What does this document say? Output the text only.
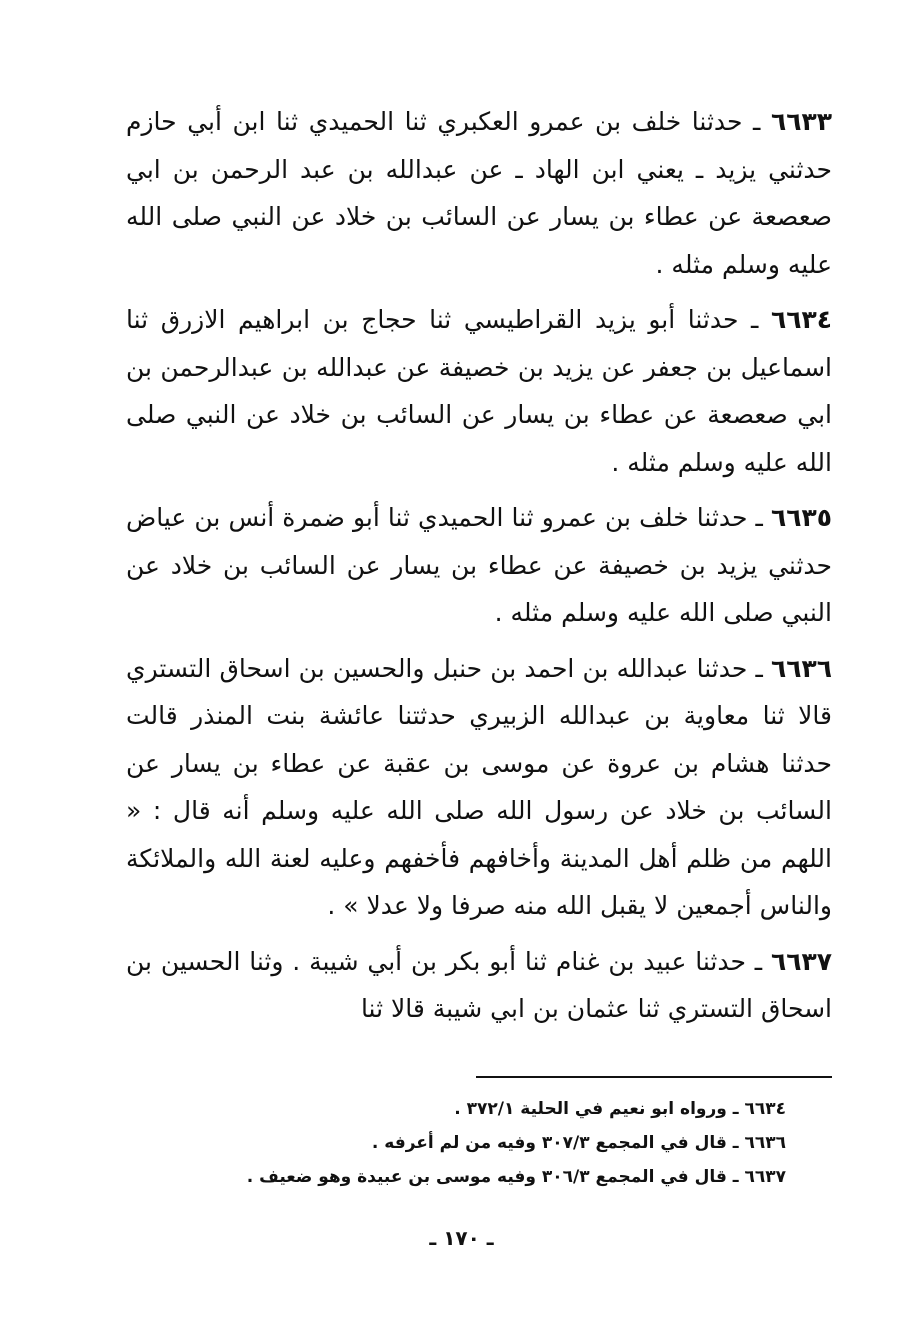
٦٦٣٣ ـ حدثنا خلف بن عمرو العكبري ثنا الحميدي ثنا ابن أبي حازم حدثني يزيد ـ يعني ابن الهاد ـ عن عبدالله بن عبد الرحمن بن ابي صعصعة عن عطاء بن يسار عن السائب بن خلاد عن النبي صلى الله عليه وسلم مثله .

٦٦٣٤ ـ حدثنا أبو يزيد القراطيسي ثنا حجاج بن ابراهيم الازرق ثنا اسماعيل بن جعفر عن يزيد بن خصيفة عن عبدالله بن عبدالرحمن بن ابي صعصعة عن عطاء بن يسار عن السائب بن خلاد عن النبي صلى الله عليه وسلم مثله .

٦٦٣٥ ـ حدثنا خلف بن عمرو ثنا الحميدي ثنا أبو ضمرة أنس بن عياض حدثني يزيد بن خصيفة عن عطاء بن يسار عن السائب بن خلاد عن النبي صلى الله عليه وسلم مثله .

٦٦٣٦ ـ حدثنا عبدالله بن احمد بن حنبل والحسين بن اسحاق التستري قالا ثنا معاوية بن عبدالله الزبيري حدثتنا عائشة بنت المنذر قالت حدثنا هشام بن عروة عن موسى بن عقبة عن عطاء بن يسار عن السائب بن خلاد عن رسول الله صلى الله عليه وسلم أنه قال : « اللهم من ظلم أهل المدينة وأخافهم فأخفهم وعليه لعنة الله والملائكة والناس أجمعين لا يقبل الله منه صرفا ولا عدلا » .

٦٦٣٧ ـ حدثنا عبيد بن غنام ثنا أبو بكر بن أبي شيبة . وثنا الحسين بن اسحاق التستري ثنا عثمان بن ابي شيبة قالا ثنا

٦٦٣٤ ـ ورواه ابو نعيم في الحلية ٣٧٢/١ .

٦٦٣٦ ـ قال في المجمع ٣٠٧/٣ وفيه من لم أعرفه .

٦٦٣٧ ـ قال في المجمع ٣٠٦/٣ وفيه موسى بن عبيدة وهو ضعيف .

ـ ١٧٠ ـ
